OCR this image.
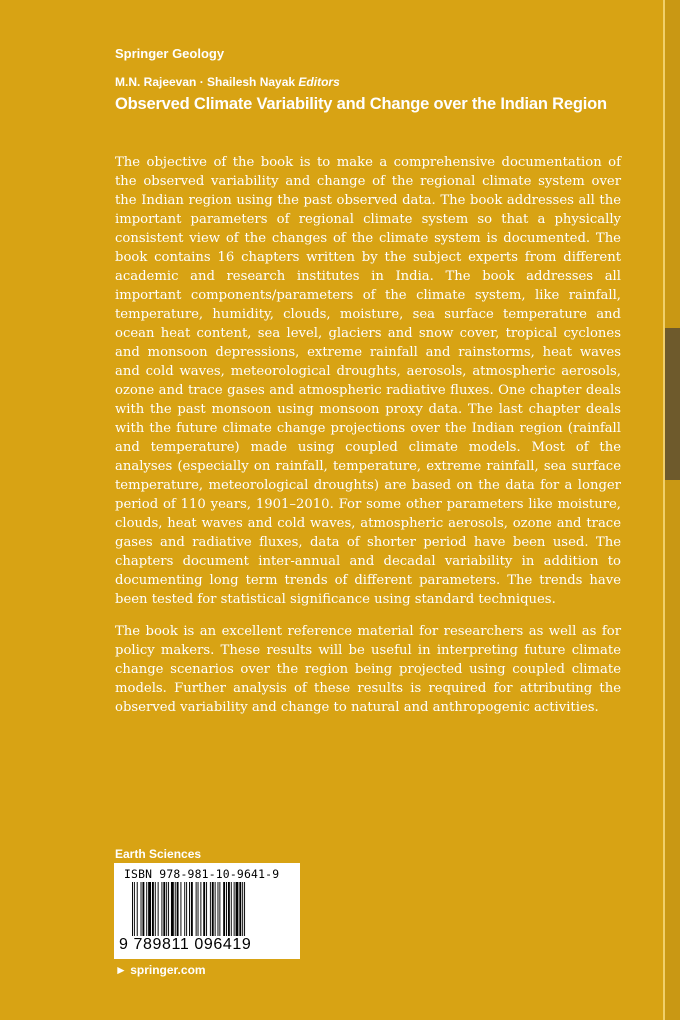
Springer Geology
M.N. Rajeevan · Shailesh Nayak Editors
Observed Climate Variability and Change over the Indian Region

The objective of the book is to make a comprehensive documentation of the observed variability and change of the regional climate system over the Indian region using the past observed data. The book addresses all the important parameters of regional climate system so that a physically consistent view of the changes of the climate system is documented. The book contains 16 chapters written by the subject experts from different academic and research institutes in India. The book addresses all important components/parameters of the climate system, like rainfall, temperature, humidity, clouds, moisture, sea surface temperature and ocean heat content, sea level, glaciers and snow cover, tropical cyclones and monsoon depressions, extreme rainfall and rainstorms, heat waves and cold waves, meteorological droughts, aerosols, atmospheric aerosols, ozone and trace gases and atmospheric radiative fluxes. One chapter deals with the past monsoon using monsoon proxy data. The last chapter deals with the future climate change projections over the Indian region (rainfall and temperature) made using coupled climate models. Most of the analyses (especially on rainfall, temperature, extreme rainfall, sea surface temperature, meteorological droughts) are based on the data for a longer period of 110 years, 1901–2010. For some other parameters like moisture, clouds, heat waves and cold waves, atmospheric aerosols, ozone and trace gases and radiative fluxes, data of shorter period have been used. The chapters document inter-annual and decadal variability in addition to documenting long term trends of different parameters. The trends have been tested for statistical significance using standard techniques.

The book is an excellent reference material for researchers as well as for policy makers. These results will be useful in interpreting future climate change scenarios over the region being projected using coupled climate models. Further analysis of these results is required for attributing the observed variability and change to natural and anthropogenic activities.

Earth Sciences
ISBN 978-981-10-9641-9
9 789811 096419
► springer.com
